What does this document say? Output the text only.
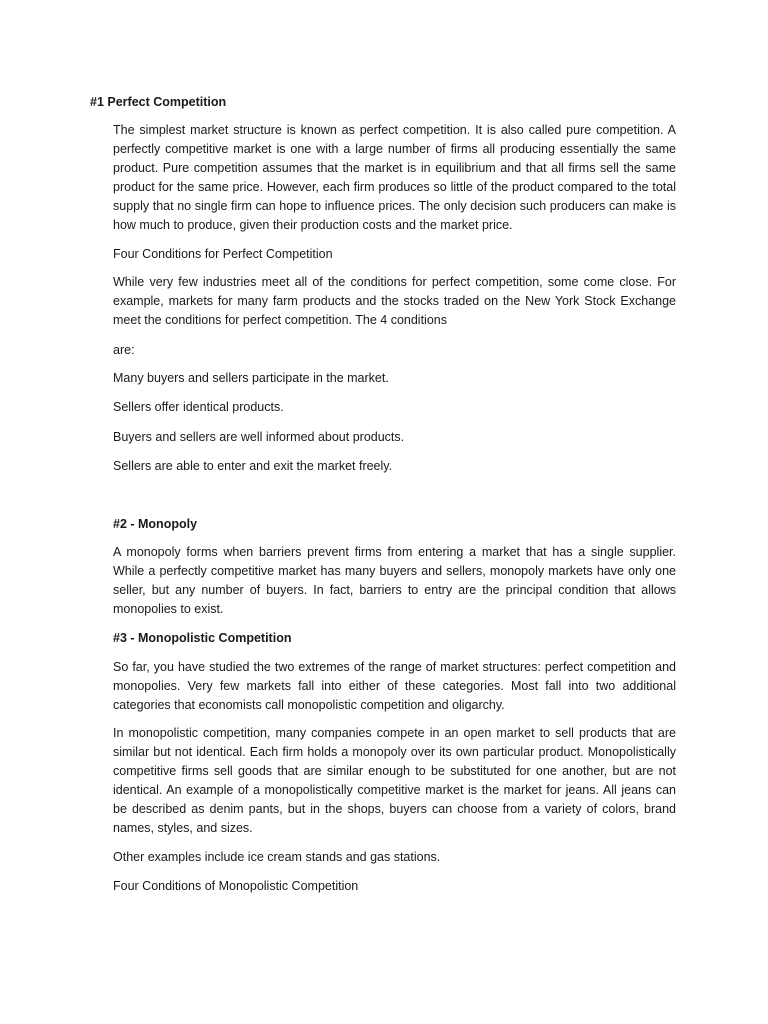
#1 Perfect Competition

The simplest market structure is known as perfect competition. It is also called pure competition. A perfectly competitive market is one with a large number of firms all producing essentially the same product. Pure competition assumes that the market is in equilibrium and that all firms sell the same product for the same price. However, each firm produces so little of the product compared to the total supply that no single firm can hope to influence prices. The only decision such producers can make is how much to produce, given their production costs and the market price.

Four Conditions for Perfect Competition

While very few industries meet all of the conditions for perfect competition, some come close. For example, markets for many farm products and the stocks traded on the New York Stock Exchange meet the conditions for perfect competition. The 4 conditions

are:

Many buyers and sellers participate in the market.

Sellers offer identical products.

Buyers and sellers are well informed about products.

Sellers are able to enter and exit the market freely.

#2 - Monopoly

A monopoly forms when barriers prevent firms from entering a market that has a single supplier. While a perfectly competitive market has many buyers and sellers, monopoly markets have only one seller, but any number of buyers. In fact, barriers to entry are the principal condition that allows monopolies to exist.

#3 - Monopolistic Competition

So far, you have studied the two extremes of the range of market structures: perfect competition and monopolies. Very few markets fall into either of these categories. Most fall into two additional categories that economists call monopolistic competition and oligarchy.

In monopolistic competition, many companies compete in an open market to sell products that are similar but not identical. Each firm holds a monopoly over its own particular product. Monopolistically competitive firms sell goods that are similar enough to be substituted for one another, but are not identical. An example of a monopolistically competitive market is the market for jeans. All jeans can be described as denim pants, but in the shops, buyers can choose from a variety of colors, brand names, styles, and sizes.

Other examples include ice cream stands and gas stations.

Four Conditions of Monopolistic Competition
